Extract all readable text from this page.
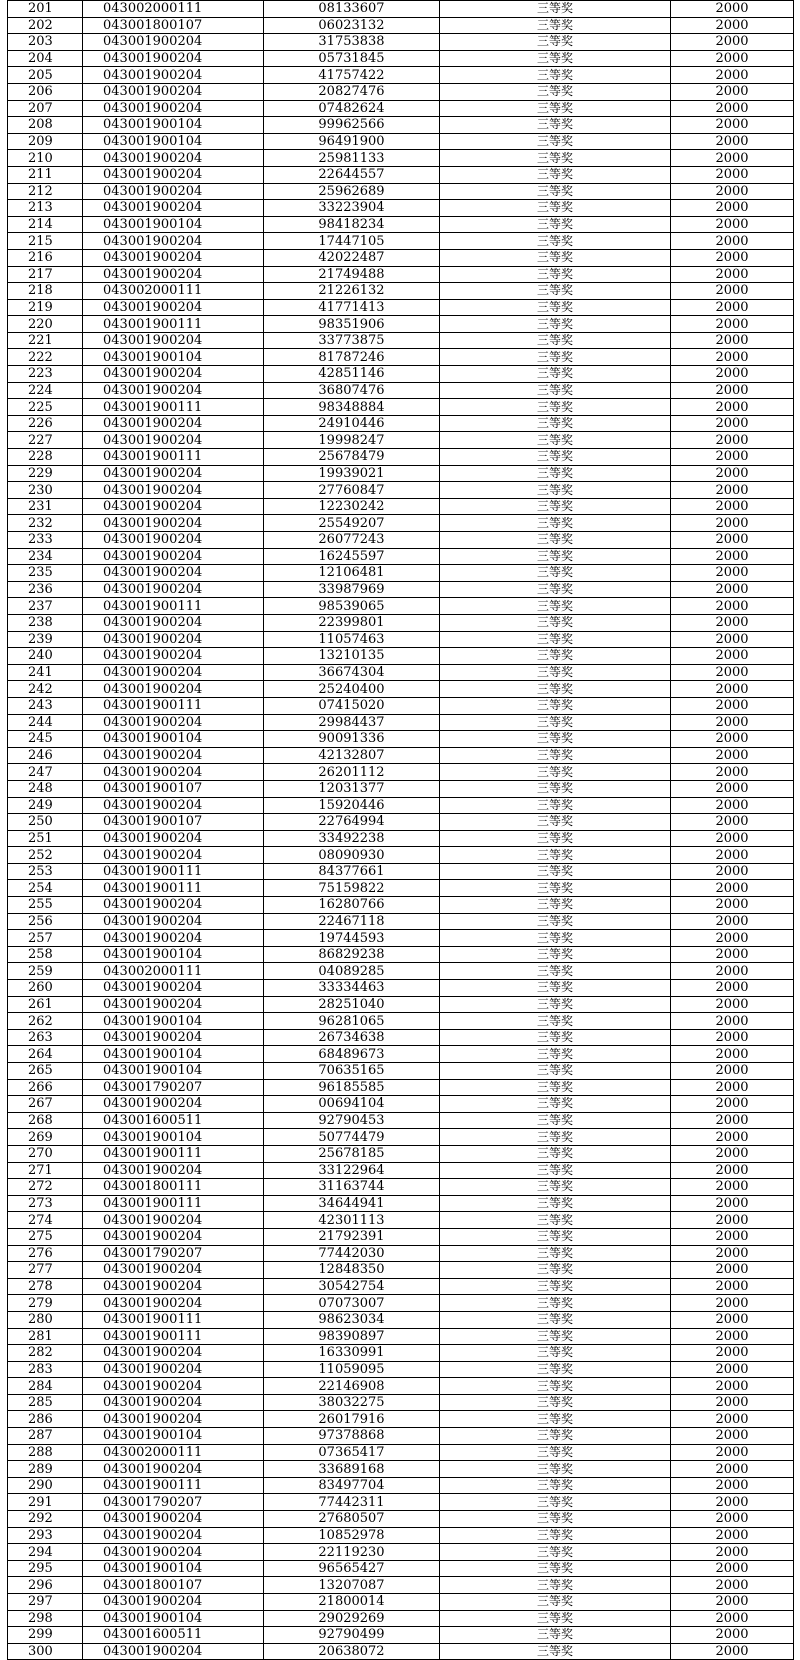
201	043002000111	08133607	三等奖	2000
202	043001800107	06023132	三等奖	2000
203	043001900204	31753838	三等奖	2000
204	043001900204	05731845	三等奖	2000
205	043001900204	41757422	三等奖	2000
206	043001900204	20827476	三等奖	2000
207	043001900204	07482624	三等奖	2000
208	043001900104	99962566	三等奖	2000
209	043001900104	96491900	三等奖	2000
210	043001900204	25981133	三等奖	2000
211	043001900204	22644557	三等奖	2000
212	043001900204	25962689	三等奖	2000
213	043001900204	33223904	三等奖	2000
214	043001900104	98418234	三等奖	2000
215	043001900204	17447105	三等奖	2000
216	043001900204	42022487	三等奖	2000
217	043001900204	21749488	三等奖	2000
218	043002000111	21226132	三等奖	2000
219	043001900204	41771413	三等奖	2000
220	043001900111	98351906	三等奖	2000
221	043001900204	33773875	三等奖	2000
222	043001900104	81787246	三等奖	2000
223	043001900204	42851146	三等奖	2000
224	043001900204	36807476	三等奖	2000
225	043001900111	98348884	三等奖	2000
226	043001900204	24910446	三等奖	2000
227	043001900204	19998247	三等奖	2000
228	043001900111	25678479	三等奖	2000
229	043001900204	19939021	三等奖	2000
230	043001900204	27760847	三等奖	2000
231	043001900204	12230242	三等奖	2000
232	043001900204	25549207	三等奖	2000
233	043001900204	26077243	三等奖	2000
234	043001900204	16245597	三等奖	2000
235	043001900204	12106481	三等奖	2000
236	043001900204	33987969	三等奖	2000
237	043001900111	98539065	三等奖	2000
238	043001900204	22399801	三等奖	2000
239	043001900204	11057463	三等奖	2000
240	043001900204	13210135	三等奖	2000
241	043001900204	36674304	三等奖	2000
242	043001900204	25240400	三等奖	2000
243	043001900111	07415020	三等奖	2000
244	043001900204	29984437	三等奖	2000
245	043001900104	90091336	三等奖	2000
246	043001900204	42132807	三等奖	2000
247	043001900204	26201112	三等奖	2000
248	043001900107	12031377	三等奖	2000
249	043001900204	15920446	三等奖	2000
250	043001900107	22764994	三等奖	2000
251	043001900204	33492238	三等奖	2000
252	043001900204	08090930	三等奖	2000
253	043001900111	84377661	三等奖	2000
254	043001900111	75159822	三等奖	2000
255	043001900204	16280766	三等奖	2000
256	043001900204	22467118	三等奖	2000
257	043001900204	19744593	三等奖	2000
258	043001900104	86829238	三等奖	2000
259	043002000111	04089285	三等奖	2000
260	043001900204	33334463	三等奖	2000
261	043001900204	28251040	三等奖	2000
262	043001900104	96281065	三等奖	2000
263	043001900204	26734638	三等奖	2000
264	043001900104	68489673	三等奖	2000
265	043001900104	70635165	三等奖	2000
266	043001790207	96185585	三等奖	2000
267	043001900204	00694104	三等奖	2000
268	043001600511	92790453	三等奖	2000
269	043001900104	50774479	三等奖	2000
270	043001900111	25678185	三等奖	2000
271	043001900204	33122964	三等奖	2000
272	043001800111	31163744	三等奖	2000
273	043001900111	34644941	三等奖	2000
274	043001900204	42301113	三等奖	2000
275	043001900204	21792391	三等奖	2000
276	043001790207	77442030	三等奖	2000
277	043001900204	12848350	三等奖	2000
278	043001900204	30542754	三等奖	2000
279	043001900204	07073007	三等奖	2000
280	043001900111	98623034	三等奖	2000
281	043001900111	98390897	三等奖	2000
282	043001900204	16330991	三等奖	2000
283	043001900204	11059095	三等奖	2000
284	043001900204	22146908	三等奖	2000
285	043001900204	38032275	三等奖	2000
286	043001900204	26017916	三等奖	2000
287	043001900104	97378868	三等奖	2000
288	043002000111	07365417	三等奖	2000
289	043001900204	33689168	三等奖	2000
290	043001900111	83497704	三等奖	2000
291	043001790207	77442311	三等奖	2000
292	043001900204	27680507	三等奖	2000
293	043001900204	10852978	三等奖	2000
294	043001900204	22119230	三等奖	2000
295	043001900104	96565427	三等奖	2000
296	043001800107	13207087	三等奖	2000
297	043001900204	21800014	三等奖	2000
298	043001900104	29029269	三等奖	2000
299	043001600511	92790499	三等奖	2000
300	043001900204	20638072	三等奖	2000
